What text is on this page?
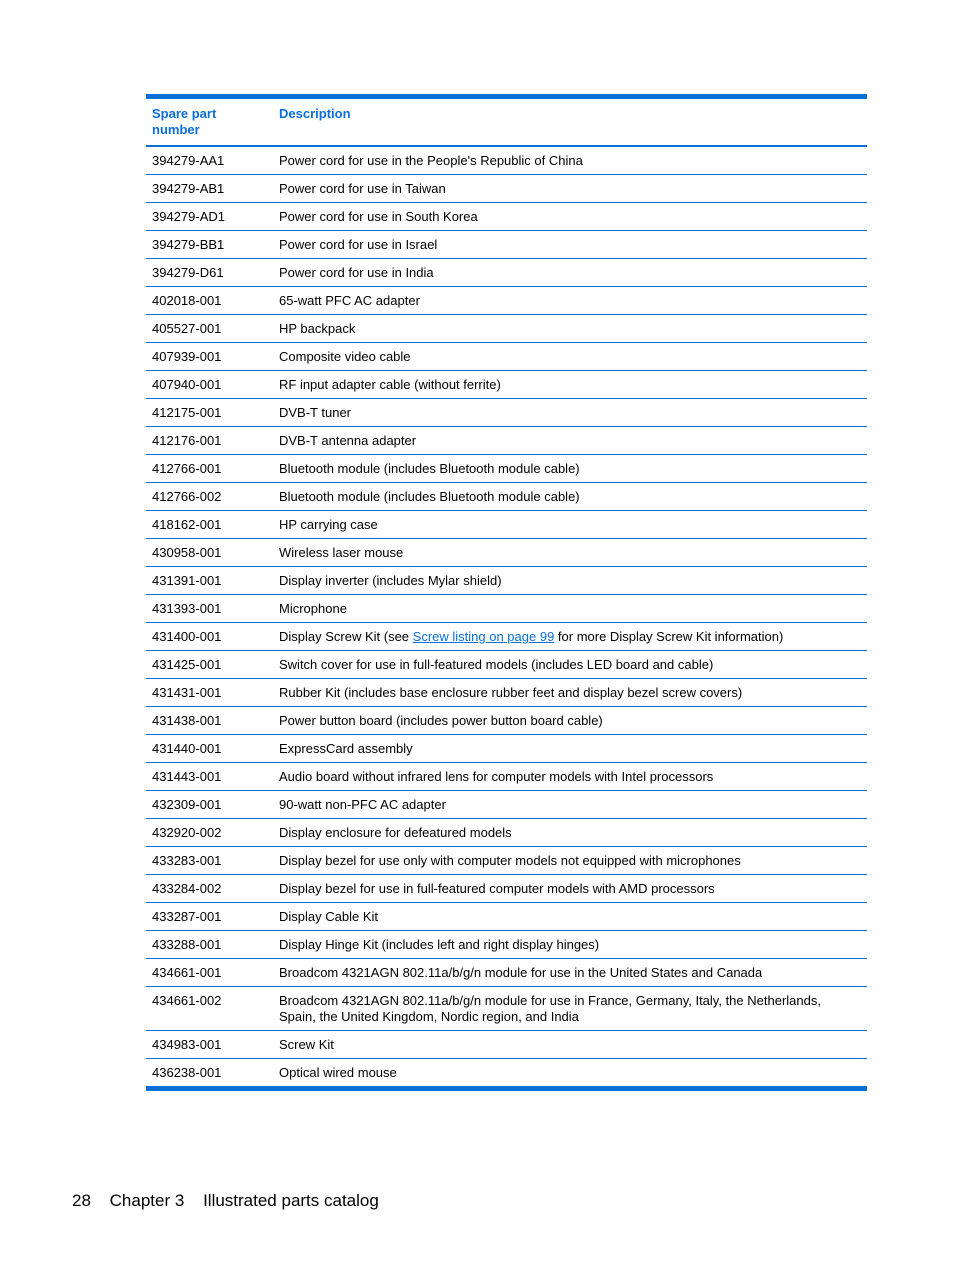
Spare part number	Description
394279-AA1	Power cord for use in the People's Republic of China
394279-AB1	Power cord for use in Taiwan
394279-AD1	Power cord for use in South Korea
394279-BB1	Power cord for use in Israel
394279-D61	Power cord for use in India
402018-001	65-watt PFC AC adapter
405527-001	HP backpack
407939-001	Composite video cable
407940-001	RF input adapter cable (without ferrite)
412175-001	DVB-T tuner
412176-001	DVB-T antenna adapter
412766-001	Bluetooth module (includes Bluetooth module cable)
412766-002	Bluetooth module (includes Bluetooth module cable)
418162-001	HP carrying case
430958-001	Wireless laser mouse
431391-001	Display inverter (includes Mylar shield)
431393-001	Microphone
431400-001	Display Screw Kit (see Screw listing on page 99 for more Display Screw Kit information)
431425-001	Switch cover for use in full-featured models (includes LED board and cable)
431431-001	Rubber Kit (includes base enclosure rubber feet and display bezel screw covers)
431438-001	Power button board (includes power button board cable)
431440-001	ExpressCard assembly
431443-001	Audio board without infrared lens for computer models with Intel processors
432309-001	90-watt non-PFC AC adapter
432920-002	Display enclosure for defeatured models
433283-001	Display bezel for use only with computer models not equipped with microphones
433284-002	Display bezel for use in full-featured computer models with AMD processors
433287-001	Display Cable Kit
433288-001	Display Hinge Kit (includes left and right display hinges)
434661-001	Broadcom 4321AGN 802.11a/b/g/n module for use in the United States and Canada
434661-002	Broadcom 4321AGN 802.11a/b/g/n module for use in France, Germany, Italy, the Netherlands, Spain, the United Kingdom, Nordic region, and India
434983-001	Screw Kit
436238-001	Optical wired mouse
28 Chapter 3 Illustrated parts catalog
